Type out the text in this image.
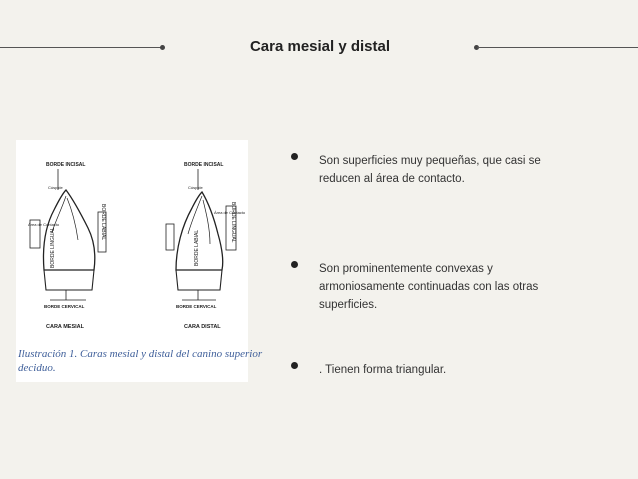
Cara mesial y distal
BORDE INCISAL
Cúspide
Área de Contacto
BORDE LINGUAL
BORDE LABIAL
BORDE CERVICAL
CARA MESIAL
BORDE INCISAL
Cúspide
Área de Contacto
BORDE LABIAL
BORDE LINGUAL
BORDE CERVICAL
CARA DISTAL
Ilustración 1. Caras mesial y distal del canino superior
deciduo.
Son superficies muy pequeñas, que casi se reducen al área de contacto.
Son prominentemente convexas y armoniosamente continuadas con las otras superficies.
. Tienen forma triangular.
